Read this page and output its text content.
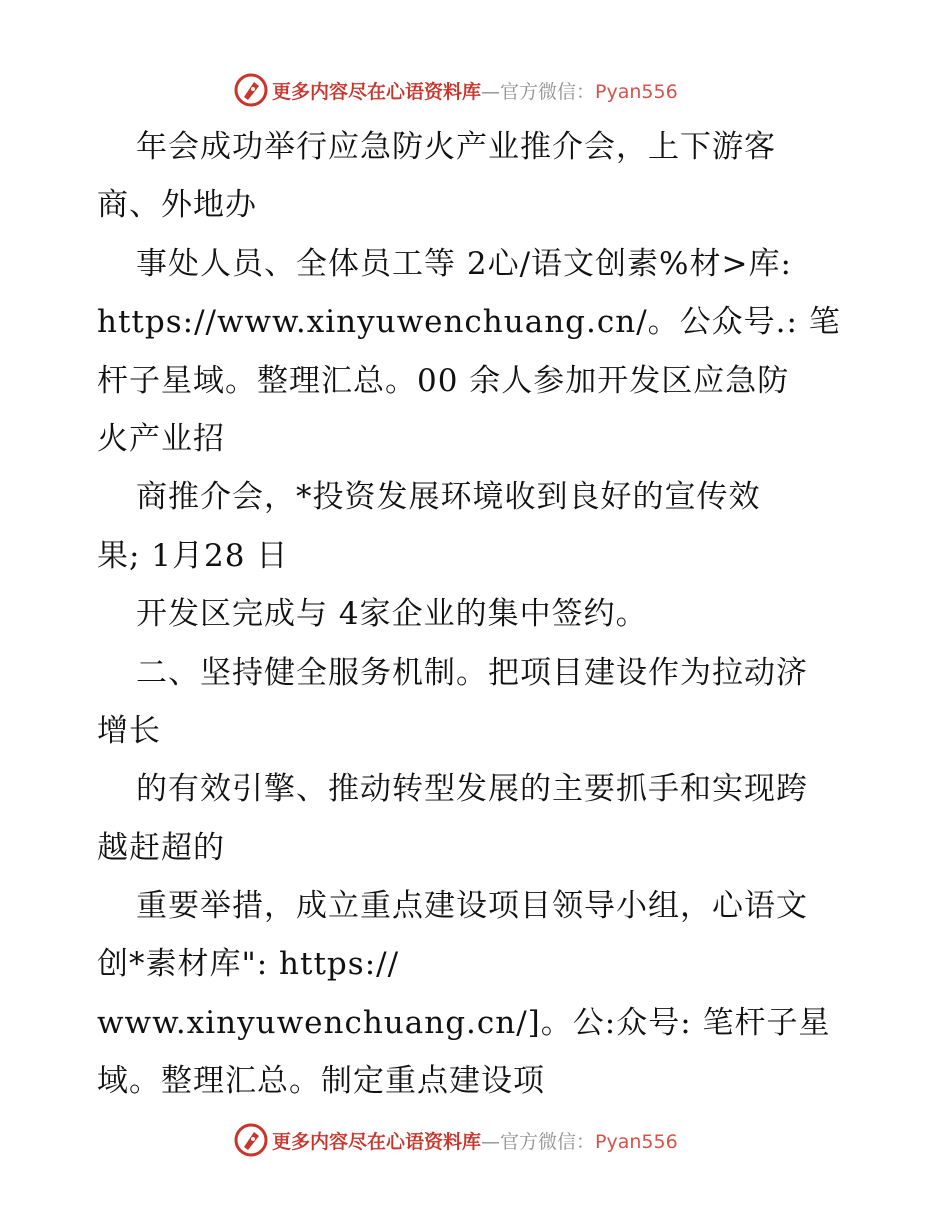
更多内容尽在心语资料库—官方微信：Pyan556
年会成功举行应急防火产业推介会，上下游客
商、外地办
事处人员、全体员工等 2心/语文创素%材>库:
https://www.xinyuwenchuang.cn/。公众号.: 笔
杆子星域。整理汇总。00 余人参加开发区应急防
火产业招
商推介会，*投资发展环境收到良好的宣传效
果; 1月28 日
开发区完成与 4家企业的集中签约。
二、坚持健全服务机制。把项目建设作为拉动济
增长
的有效引擎、推动转型发展的主要抓手和实现跨
越赶超的
重要举措，成立重点建设项目领导小组，心语文
创*素材库": https://
www.xinyuwenchuang.cn/]。公:众号: 笔杆子星
域。整理汇总。制定重点建设项
更多内容尽在心语资料库—官方微信：Pyan556
